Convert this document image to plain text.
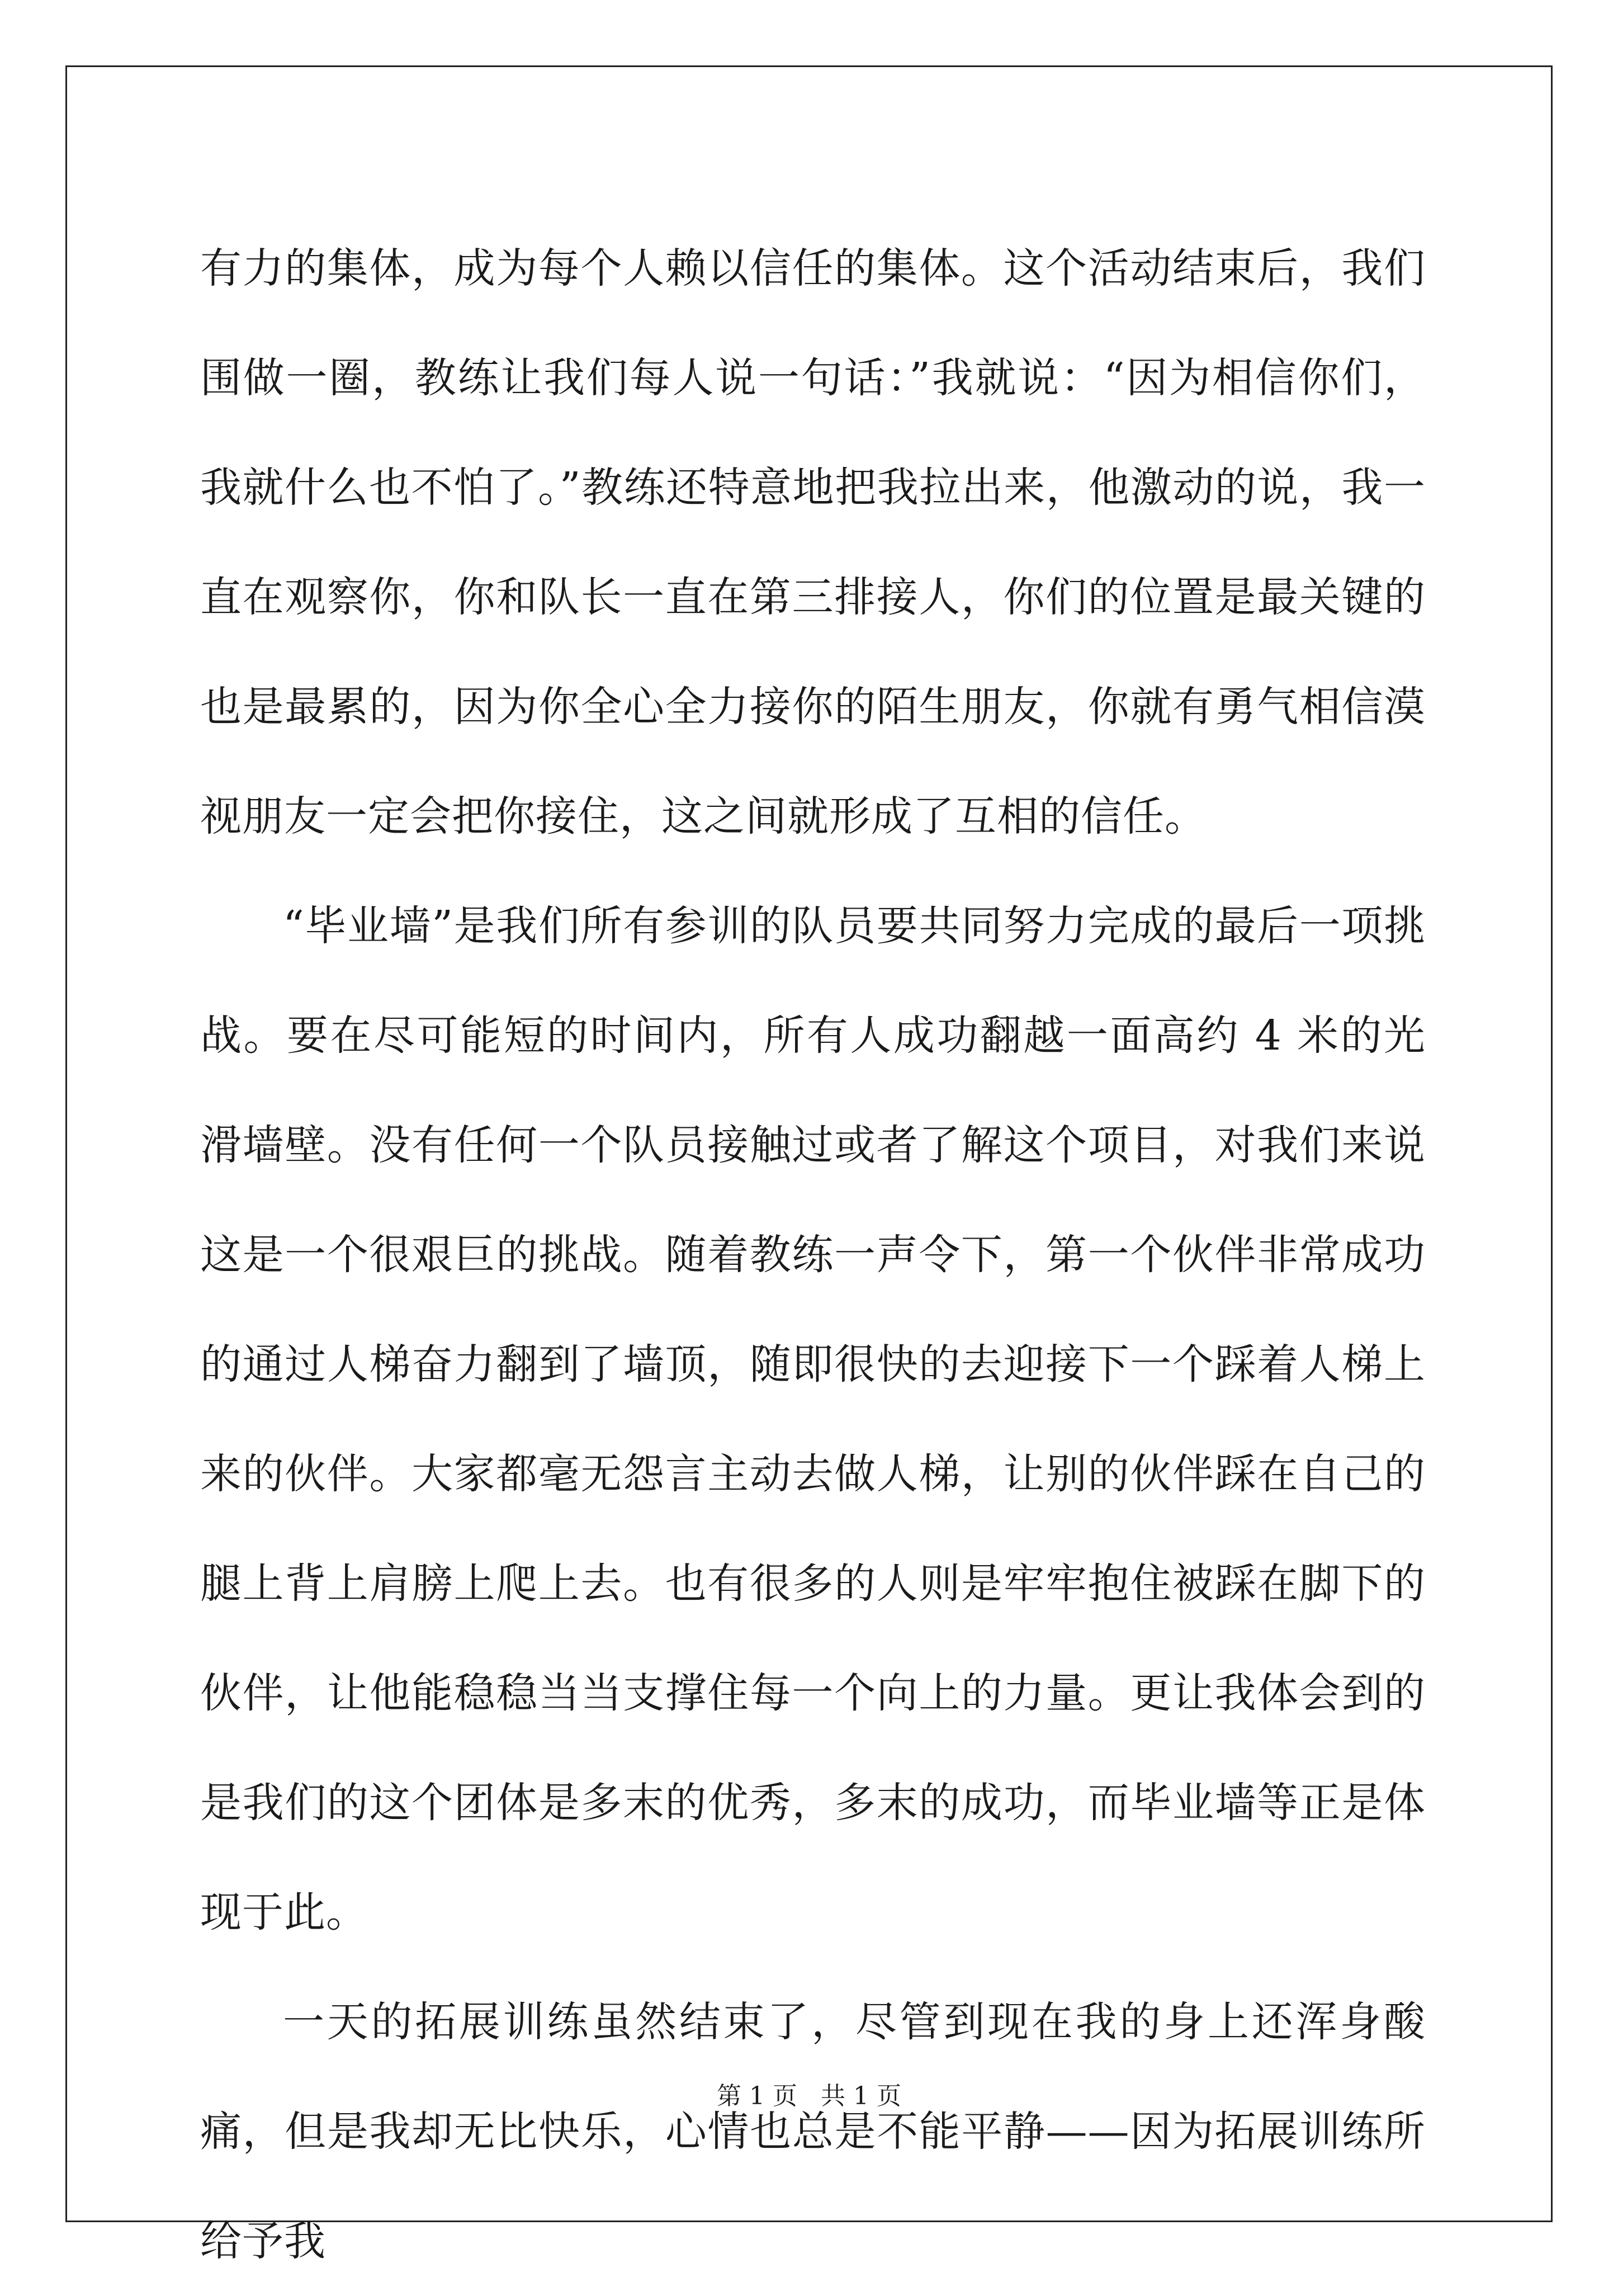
有力的集体，成为每个人赖以信任的集体。这个活动结束后，我们围做一圈，教练让我们每人说一句话：”我就说：“因为相信你们，我就什么也不怕了。”教练还特意地把我拉出来，他激动的说，我一直在观察你，你和队长一直在第三排接人，你们的位置是最关键的也是最累的，因为你全心全力接你的陌生朋友，你就有勇气相信漠视朋友一定会把你接住，这之间就形成了互相的信任。

“毕业墙”是我们所有参训的队员要共同努力完成的最后一项挑战。要在尽可能短的时间内，所有人成功翻越一面高约 4 米的光滑墙壁。没有任何一个队员接触过或者了解这个项目，对我们来说这是一个很艰巨的挑战。随着教练一声令下，第一个伙伴非常成功的通过人梯奋力翻到了墙顶，随即很快的去迎接下一个踩着人梯上来的伙伴。大家都毫无怨言主动去做人梯，让别的伙伴踩在自己的腿上背上肩膀上爬上去。也有很多的人则是牢牢抱住被踩在脚下的伙伴，让他能稳稳当当支撑住每一个向上的力量。更让我体会到的是我们的这个团体是多末的优秀，多末的成功，而毕业墙等正是体现于此。

一天的拓展训练虽然结束了，尽管到现在我的身上还浑身酸痛，但是我却无比快乐，心情也总是不能平静——因为拓展训练所给予我

第 1 页   共 1 页
